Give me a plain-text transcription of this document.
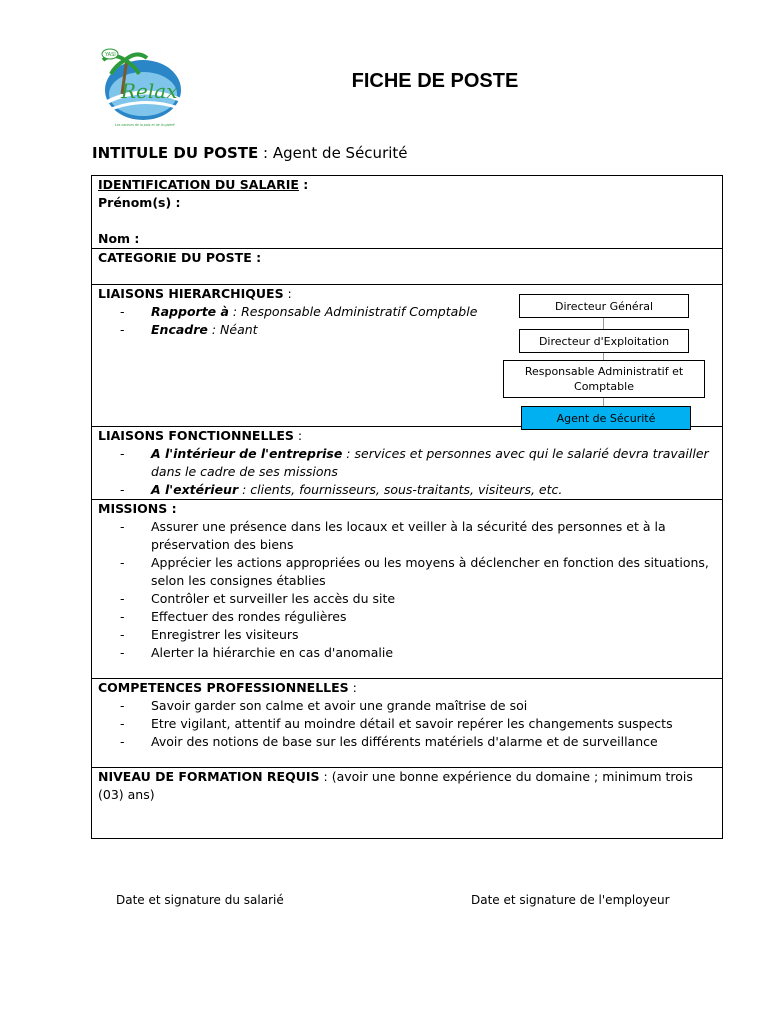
YASI
Relax
Les saveurs de la paix et de la gaieté
FICHE DE POSTE
INTITULE DU POSTE : Agent de Sécurité
IDENTIFICATION DU SALARIE :
Prénom(s) :
Nom :

CATEGORIE DU POSTE :

LIAISONS HIERARCHIQUES :
- Rapporte à : Responsable Administratif Comptable
- Encadre : Néant
Directeur Général
Directeur d'Exploitation
Responsable Administratif et Comptable
Agent de Sécurité

LIAISONS FONCTIONNELLES :
- A l'intérieur de l'entreprise : services et personnes avec qui le salarié devra travailler dans le cadre de ses missions
- A l'extérieur : clients, fournisseurs, sous-traitants, visiteurs, etc.

MISSIONS :
- Assurer une présence dans les locaux et veiller à la sécurité des personnes et à la préservation des biens
- Apprécier les actions appropriées ou les moyens à déclencher en fonction des situations, selon les consignes établies
- Contrôler et surveiller les accès du site
- Effectuer des rondes régulières
- Enregistrer les visiteurs
- Alerter la hiérarchie en cas d'anomalie

COMPETENCES PROFESSIONNELLES :
- Savoir garder son calme et avoir une grande maîtrise de soi
- Etre vigilant, attentif au moindre détail et savoir repérer les changements suspects
- Avoir des notions de base sur les différents matériels d'alarme et de surveillance

NIVEAU DE FORMATION REQUIS : (avoir une bonne expérience du domaine ; minimum trois (03) ans)
Date et signature du salarié	Date et signature de l'employeur
